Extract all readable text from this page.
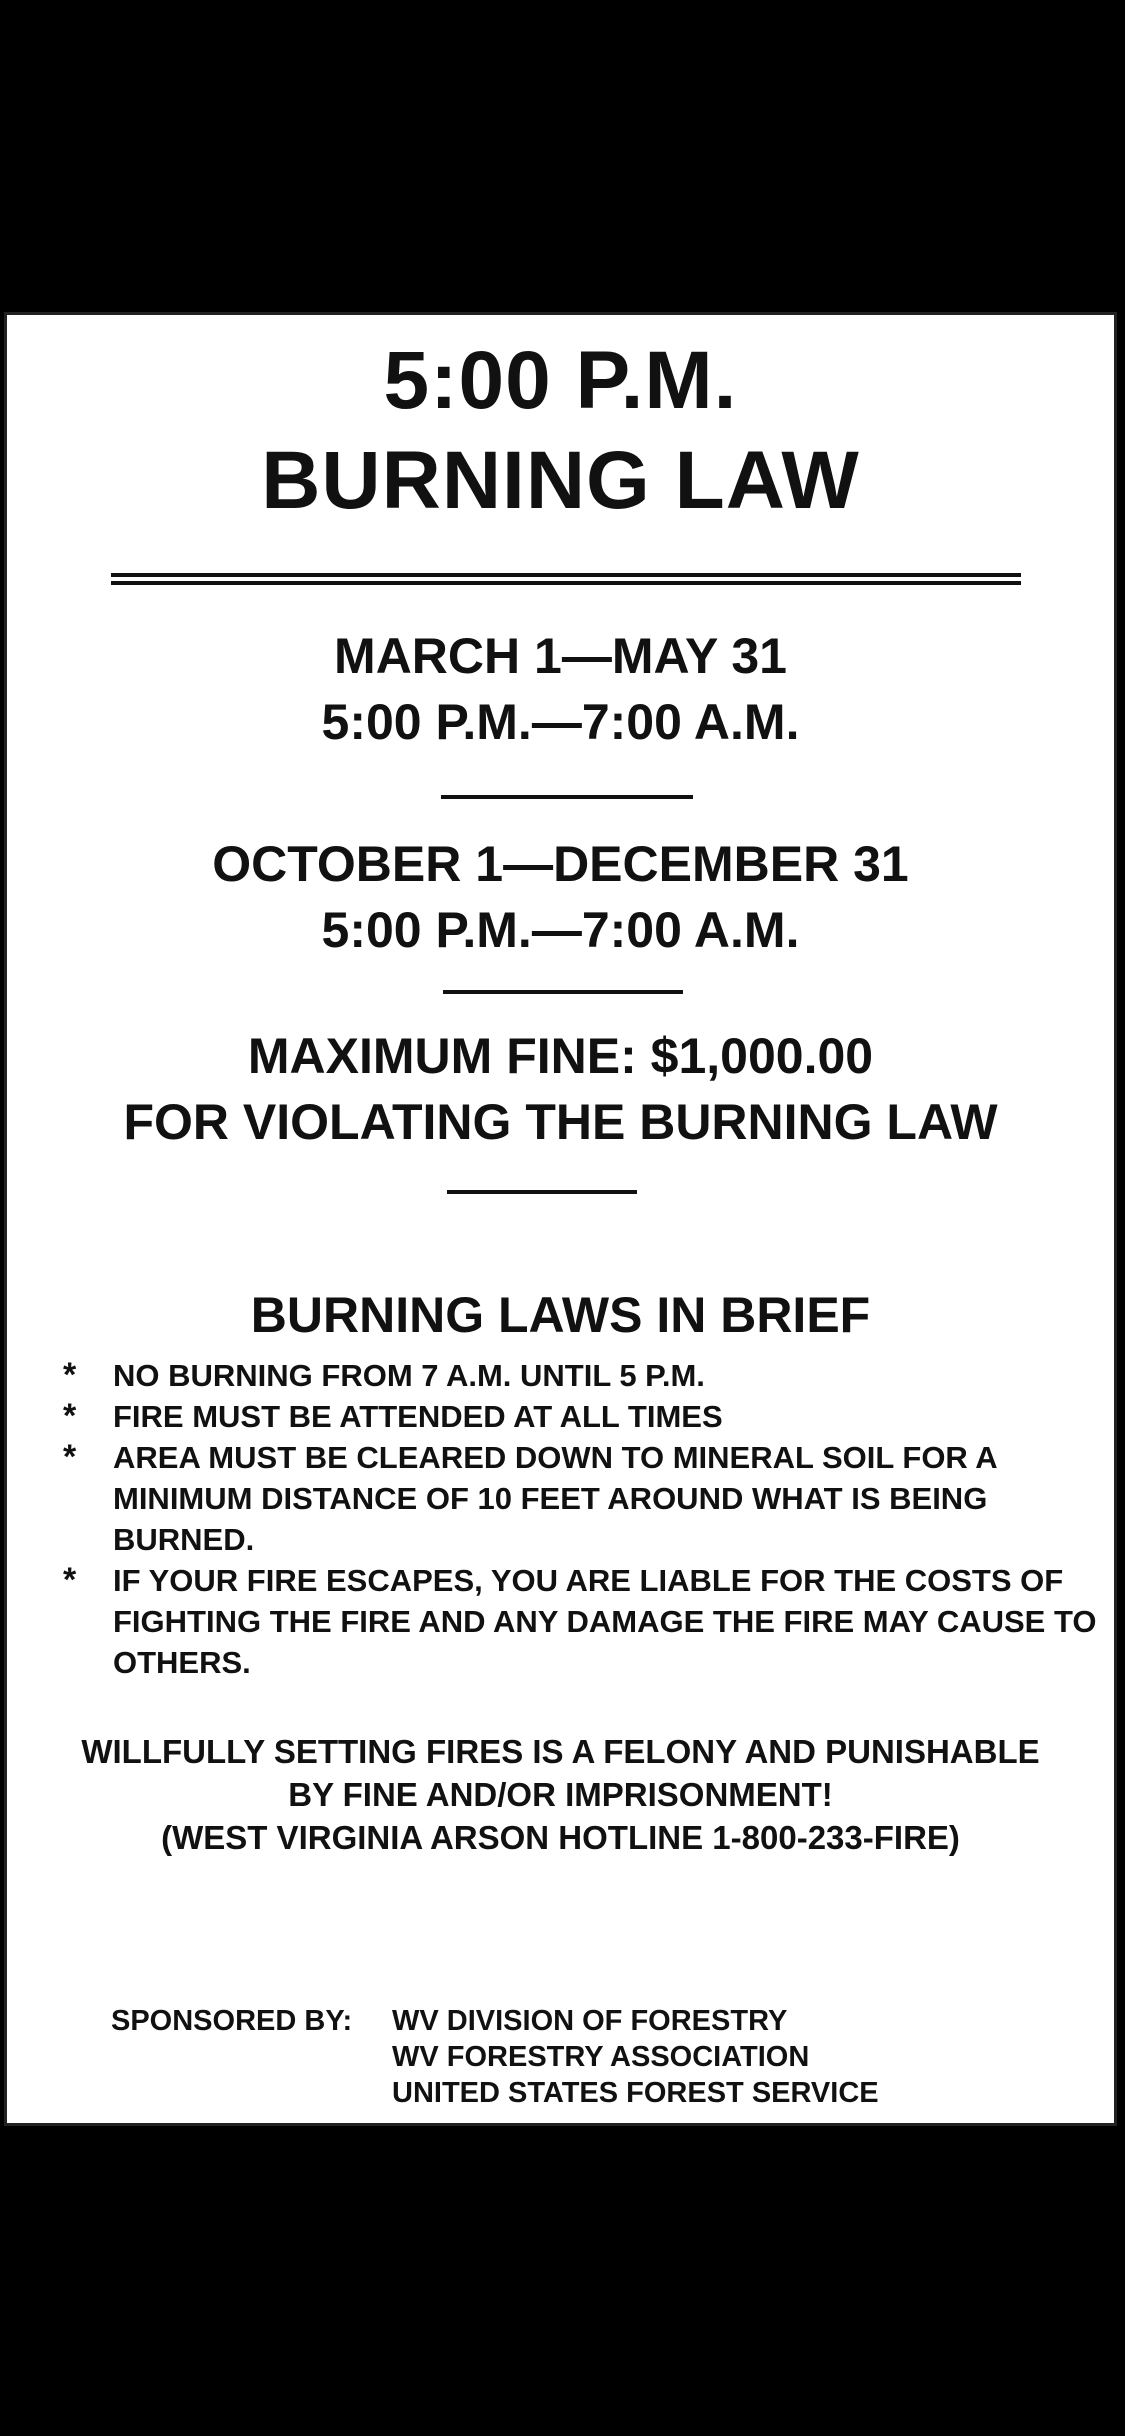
5:00 P.M.

BURNING LAW

MARCH 1—MAY 31

5:00 P.M.—7:00 A.M.

OCTOBER 1—DECEMBER 31

5:00 P.M.—7:00 A.M.

MAXIMUM FINE: $1,000.00

FOR VIOLATING THE BURNING LAW

BURNING LAWS IN BRIEF

* NO BURNING FROM 7 A.M. UNTIL 5 P.M.
* FIRE MUST BE ATTENDED AT ALL TIMES
* AREA MUST BE CLEARED DOWN TO MINERAL SOIL FOR A MINIMUM DISTANCE OF 10 FEET AROUND WHAT IS BEING BURNED.
* IF YOUR FIRE ESCAPES, YOU ARE LIABLE FOR THE COSTS OF FIGHTING THE FIRE AND ANY DAMAGE THE FIRE MAY CAUSE TO OTHERS.

WILLFULLY SETTING FIRES IS A FELONY AND PUNISHABLE

BY FINE AND/OR IMPRISONMENT!

(WEST VIRGINIA ARSON HOTLINE 1-800-233-FIRE)

SPONSORED BY: WV DIVISION OF FORESTRY
WV FORESTRY ASSOCIATION
UNITED STATES FOREST SERVICE
